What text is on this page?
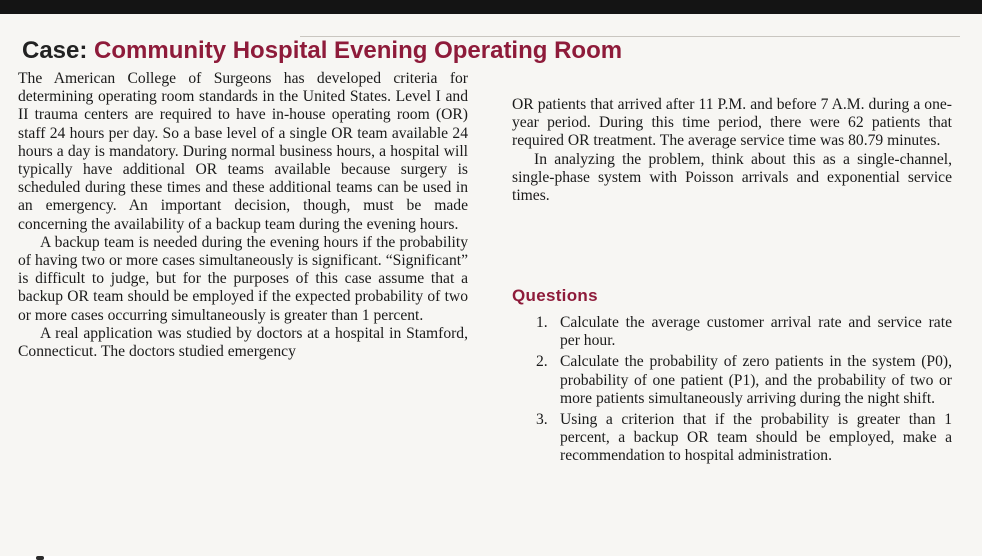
Case: Community Hospital Evening Operating Room

The American College of Surgeons has developed criteria for determining operating room standards in the United States. Level I and II trauma centers are required to have in-house operating room (OR) staff 24 hours per day. So a base level of a single OR team available 24 hours a day is mandatory. During normal business hours, a hospital will typically have additional OR teams available because surgery is scheduled during these times and these additional teams can be used in an emergency. An important decision, though, must be made concerning the availability of a backup team during the evening hours.

A backup team is needed during the evening hours if the probability of having two or more cases simultaneously is significant. “Significant” is difficult to judge, but for the purposes of this case assume that a backup OR team should be employed if the expected probability of two or more cases occurring simultaneously is greater than 1 percent.

A real application was studied by doctors at a hospital in Stamford, Connecticut. The doctors studied emergency

OR patients that arrived after 11 P.M. and before 7 A.M. during a one-year period. During this time period, there were 62 patients that required OR treatment. The average service time was 80.79 minutes.

In analyzing the problem, think about this as a single-channel, single-phase system with Poisson arrivals and exponential service times.

Questions
1. Calculate the average customer arrival rate and service rate per hour.
2. Calculate the probability of zero patients in the system (P0), probability of one patient (P1), and the probability of two or more patients simultaneously arriving during the night shift.
3. Using a criterion that if the probability is greater than 1 percent, a backup OR team should be employed, make a recommendation to hospital administration.
